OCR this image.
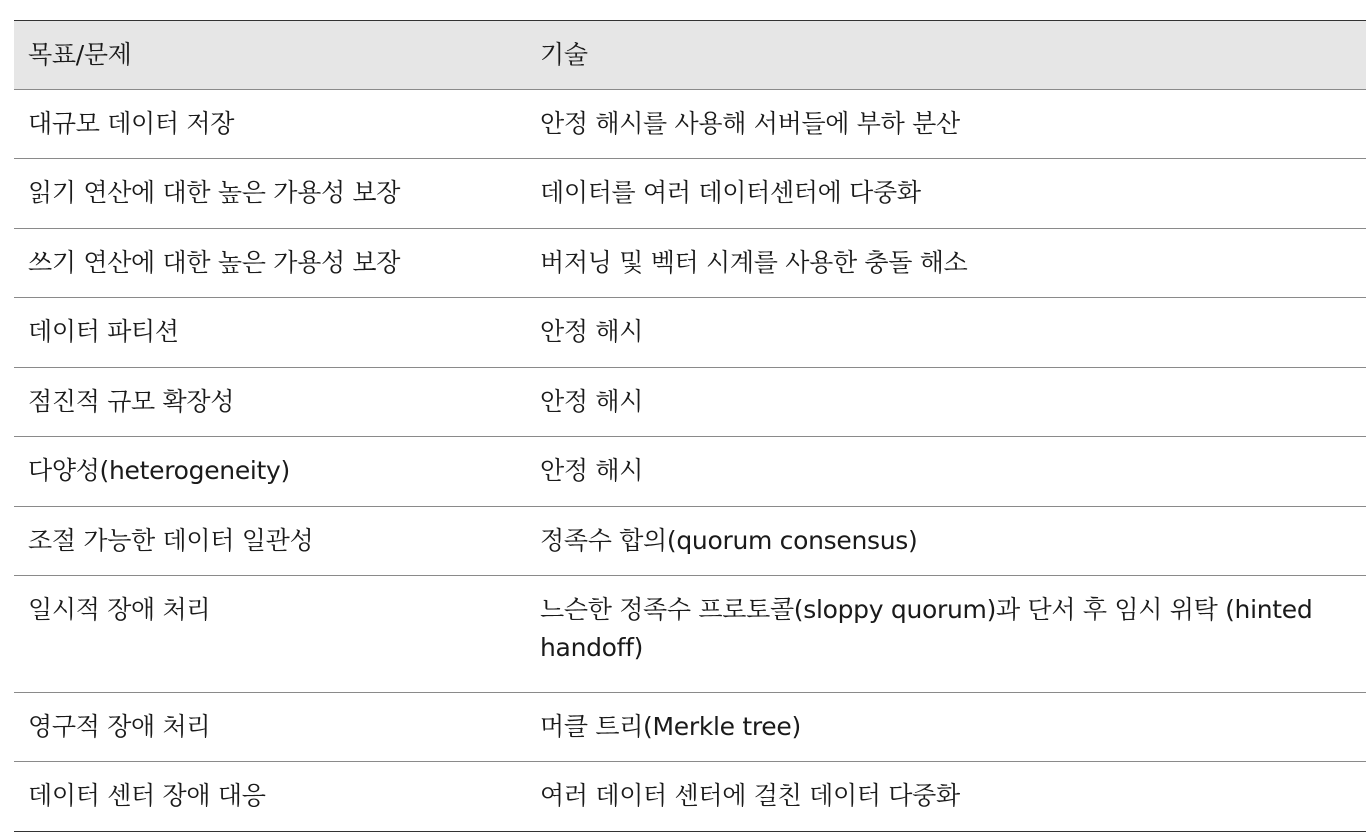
목표/문제	기술
대규모 데이터 저장	안정 해시를 사용해 서버들에 부하 분산
읽기 연산에 대한 높은 가용성 보장	데이터를 여러 데이터센터에 다중화
쓰기 연산에 대한 높은 가용성 보장	버저닝 및 벡터 시계를 사용한 충돌 해소
데이터 파티션	안정 해시
점진적 규모 확장성	안정 해시
다양성(heterogeneity)	안정 해시
조절 가능한 데이터 일관성	정족수 합의(quorum consensus)
일시적 장애 처리	느슨한 정족수 프로토콜(sloppy quorum)과 단서 후 임시 위탁 (hinted handoff)
영구적 장애 처리	머클 트리(Merkle tree)
데이터 센터 장애 대응	여러 데이터 센터에 걸친 데이터 다중화
